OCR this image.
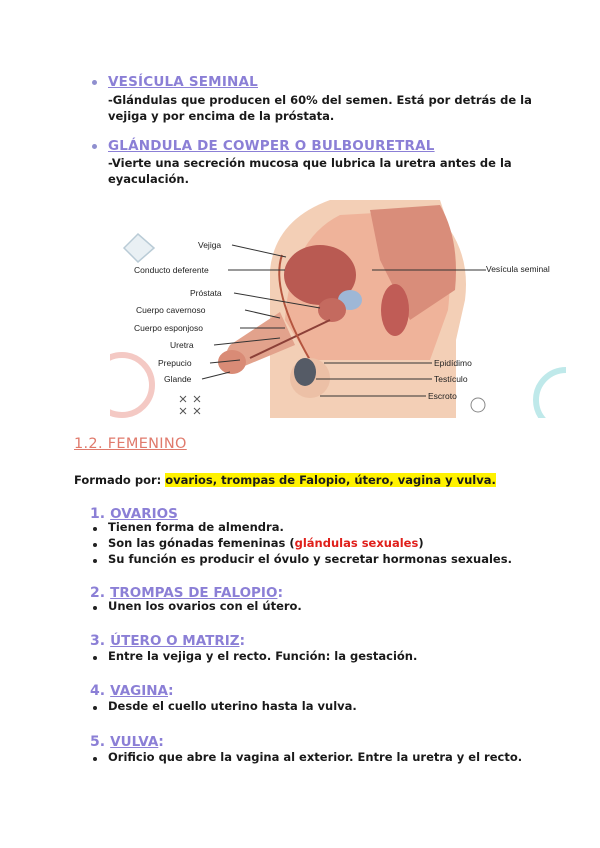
VESÍCULA SEMINAL
-Glándulas que producen el 60% del semen. Está por detrás de la
vejiga y por encima de la próstata.
GLÁNDULA DE COWPER O BULBOURETRAL
-Vierte una secreción mucosa que lubrica la uretra antes de la
eyaculación.
Vejiga
Conducto deferente
Próstata
Cuerpo cavernoso
Cuerpo esponjoso
Uretra
Prepucio
Glande
Vesícula seminal
Epidídimo
Testículo
Escroto
1.2. FEMENINO
Formado por: ovarios, trompas de Falopio, útero, vagina y vulva.
1. OVARIOS
Tienen forma de almendra.
Son las gónadas femeninas (glándulas sexuales)
Su función es producir el óvulo y secretar hormonas sexuales.
2. TROMPAS DE FALOPIO:
Unen los ovarios con el útero.
3. ÚTERO O MATRIZ:
Entre la vejiga y el recto. Función: la gestación.
4. VAGINA:
Desde el cuello uterino hasta la vulva.
5. VULVA:
Orificio que abre la vagina al exterior. Entre la uretra y el recto.
